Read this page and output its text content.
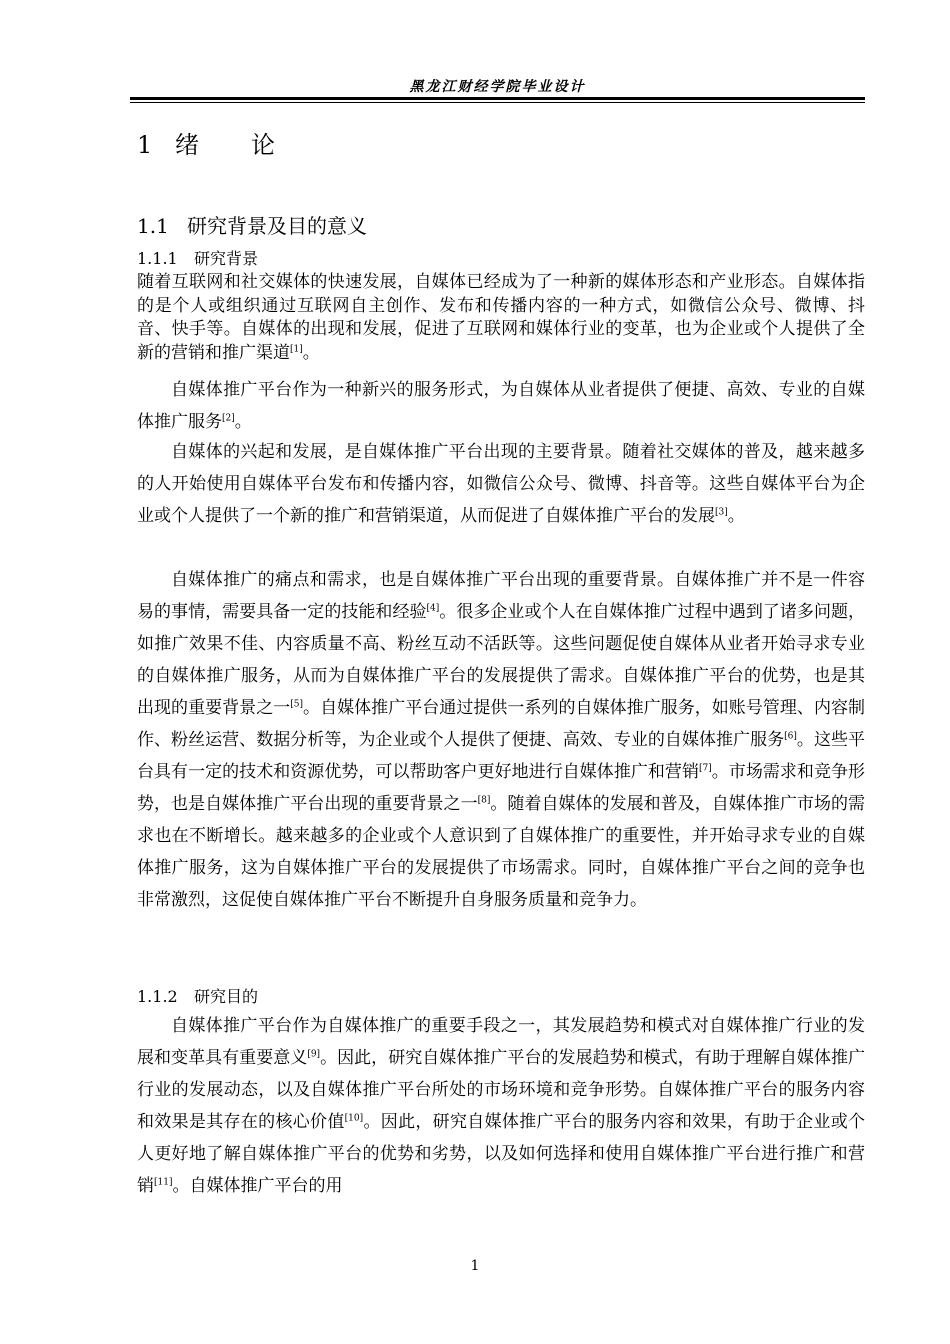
黑龙江财经学院毕业设计
1 绪 论
1.1 研究背景及目的意义
1.1.1 研究背景

随着互联网和社交媒体的快速发展，自媒体已经成为了一种新的媒体形态和产业形态。自媒体指的是个人或组织通过互联网自主创作、发布和传播内容的一种方式，如微信公众号、微博、抖音、快手等。自媒体的出现和发展，促进了互联网和媒体行业的变革，也为企业或个人提供了全新的营销和推广渠道[1]。

自媒体推广平台作为一种新兴的服务形式，为自媒体从业者提供了便捷、高效、专业的自媒体推广服务[2]。

自媒体的兴起和发展，是自媒体推广平台出现的主要背景。随着社交媒体的普及，越来越多的人开始使用自媒体平台发布和传播内容，如微信公众号、微博、抖音等。这些自媒体平台为企业或个人提供了一个新的推广和营销渠道，从而促进了自媒体推广平台的发展[3]。

自媒体推广的痛点和需求，也是自媒体推广平台出现的重要背景。自媒体推广并不是一件容易的事情，需要具备一定的技能和经验[4]。很多企业或个人在自媒体推广过程中遇到了诸多问题，如推广效果不佳、内容质量不高、粉丝互动不活跃等。这些问题促使自媒体从业者开始寻求专业的自媒体推广服务，从而为自媒体推广平台的发展提供了需求。自媒体推广平台的优势，也是其出现的重要背景之一[5]。自媒体推广平台通过提供一系列的自媒体推广服务，如账号管理、内容制作、粉丝运营、数据分析等，为企业或个人提供了便捷、高效、专业的自媒体推广服务[6]。这些平台具有一定的技术和资源优势，可以帮助客户更好地进行自媒体推广和营销[7]。市场需求和竞争形势，也是自媒体推广平台出现的重要背景之一[8]。随着自媒体的发展和普及，自媒体推广市场的需求也在不断增长。越来越多的企业或个人意识到了自媒体推广的重要性，并开始寻求专业的自媒体推广服务，这为自媒体推广平台的发展提供了市场需求。同时，自媒体推广平台之间的竞争也非常激烈，这促使自媒体推广平台不断提升自身服务质量和竞争力。

1.1.2 研究目的

自媒体推广平台作为自媒体推广的重要手段之一，其发展趋势和模式对自媒体推广行业的发展和变革具有重要意义[9]。因此，研究自媒体推广平台的发展趋势和模式，有助于理解自媒体推广行业的发展动态，以及自媒体推广平台所处的市场环境和竞争形势。自媒体推广平台的服务内容和效果是其存在的核心价值[10]。因此，研究自媒体推广平台的服务内容和效果，有助于企业或个人更好地了解自媒体推广平台的优势和劣势，以及如何选择和使用自媒体推广平台进行推广和营销[11]。自媒体推广平台的用

1
